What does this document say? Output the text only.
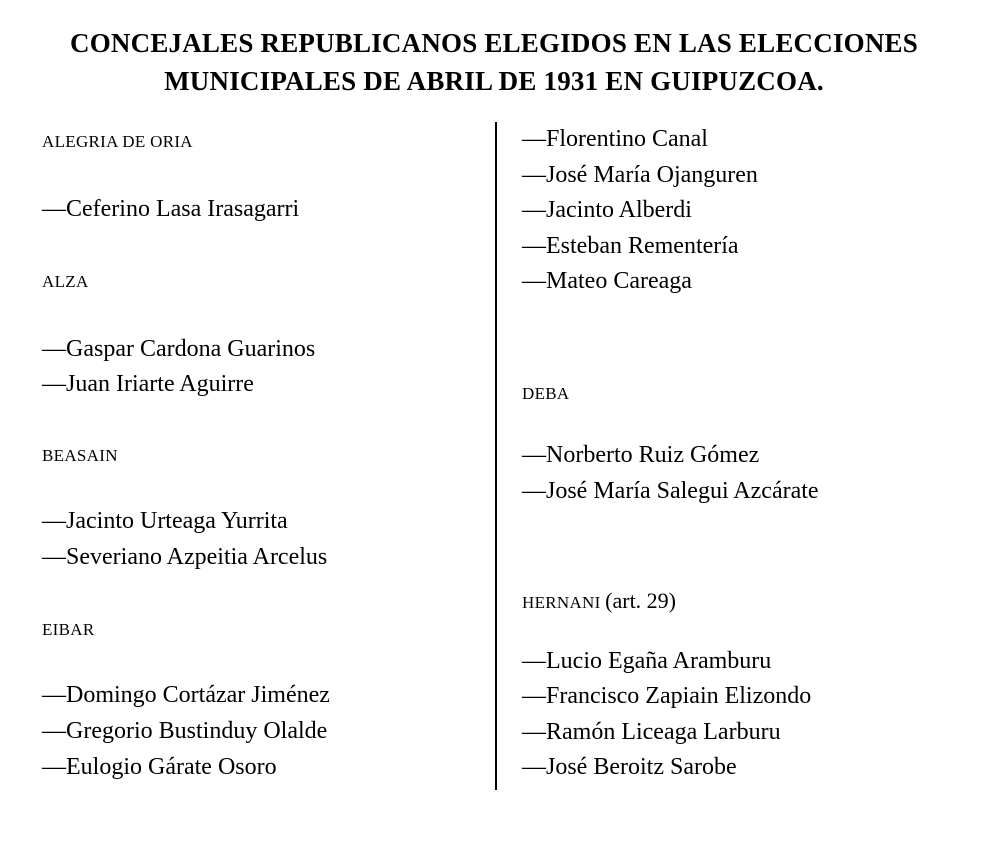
CONCEJALES REPUBLICANOS ELEGIDOS EN LAS ELECCIONES
MUNICIPALES DE ABRIL DE 1931 EN GUIPUZCOA.
ALEGRIA DE ORIA
—Ceferino Lasa Irasagarri
ALZA
—Gaspar Cardona Guarinos
—Juan Iriarte Aguirre
BEASAIN
—Jacinto Urteaga Yurrita
—Severiano Azpeitia Arcelus
EIBAR
—Domingo Cortázar Jiménez
—Gregorio Bustinduy Olalde
—Eulogio Gárate Osoro
—Florentino Canal
—José María Ojanguren
—Jacinto Alberdi
—Esteban Rementería
—Mateo Careaga
DEBA
—Norberto Ruiz Gómez
—José María Salegui Azcárate
HERNANI (art. 29)
—Lucio Egaña Aramburu
—Francisco Zapiain Elizondo
—Ramón Liceaga Larburu
—José Beroitz Sarobe
